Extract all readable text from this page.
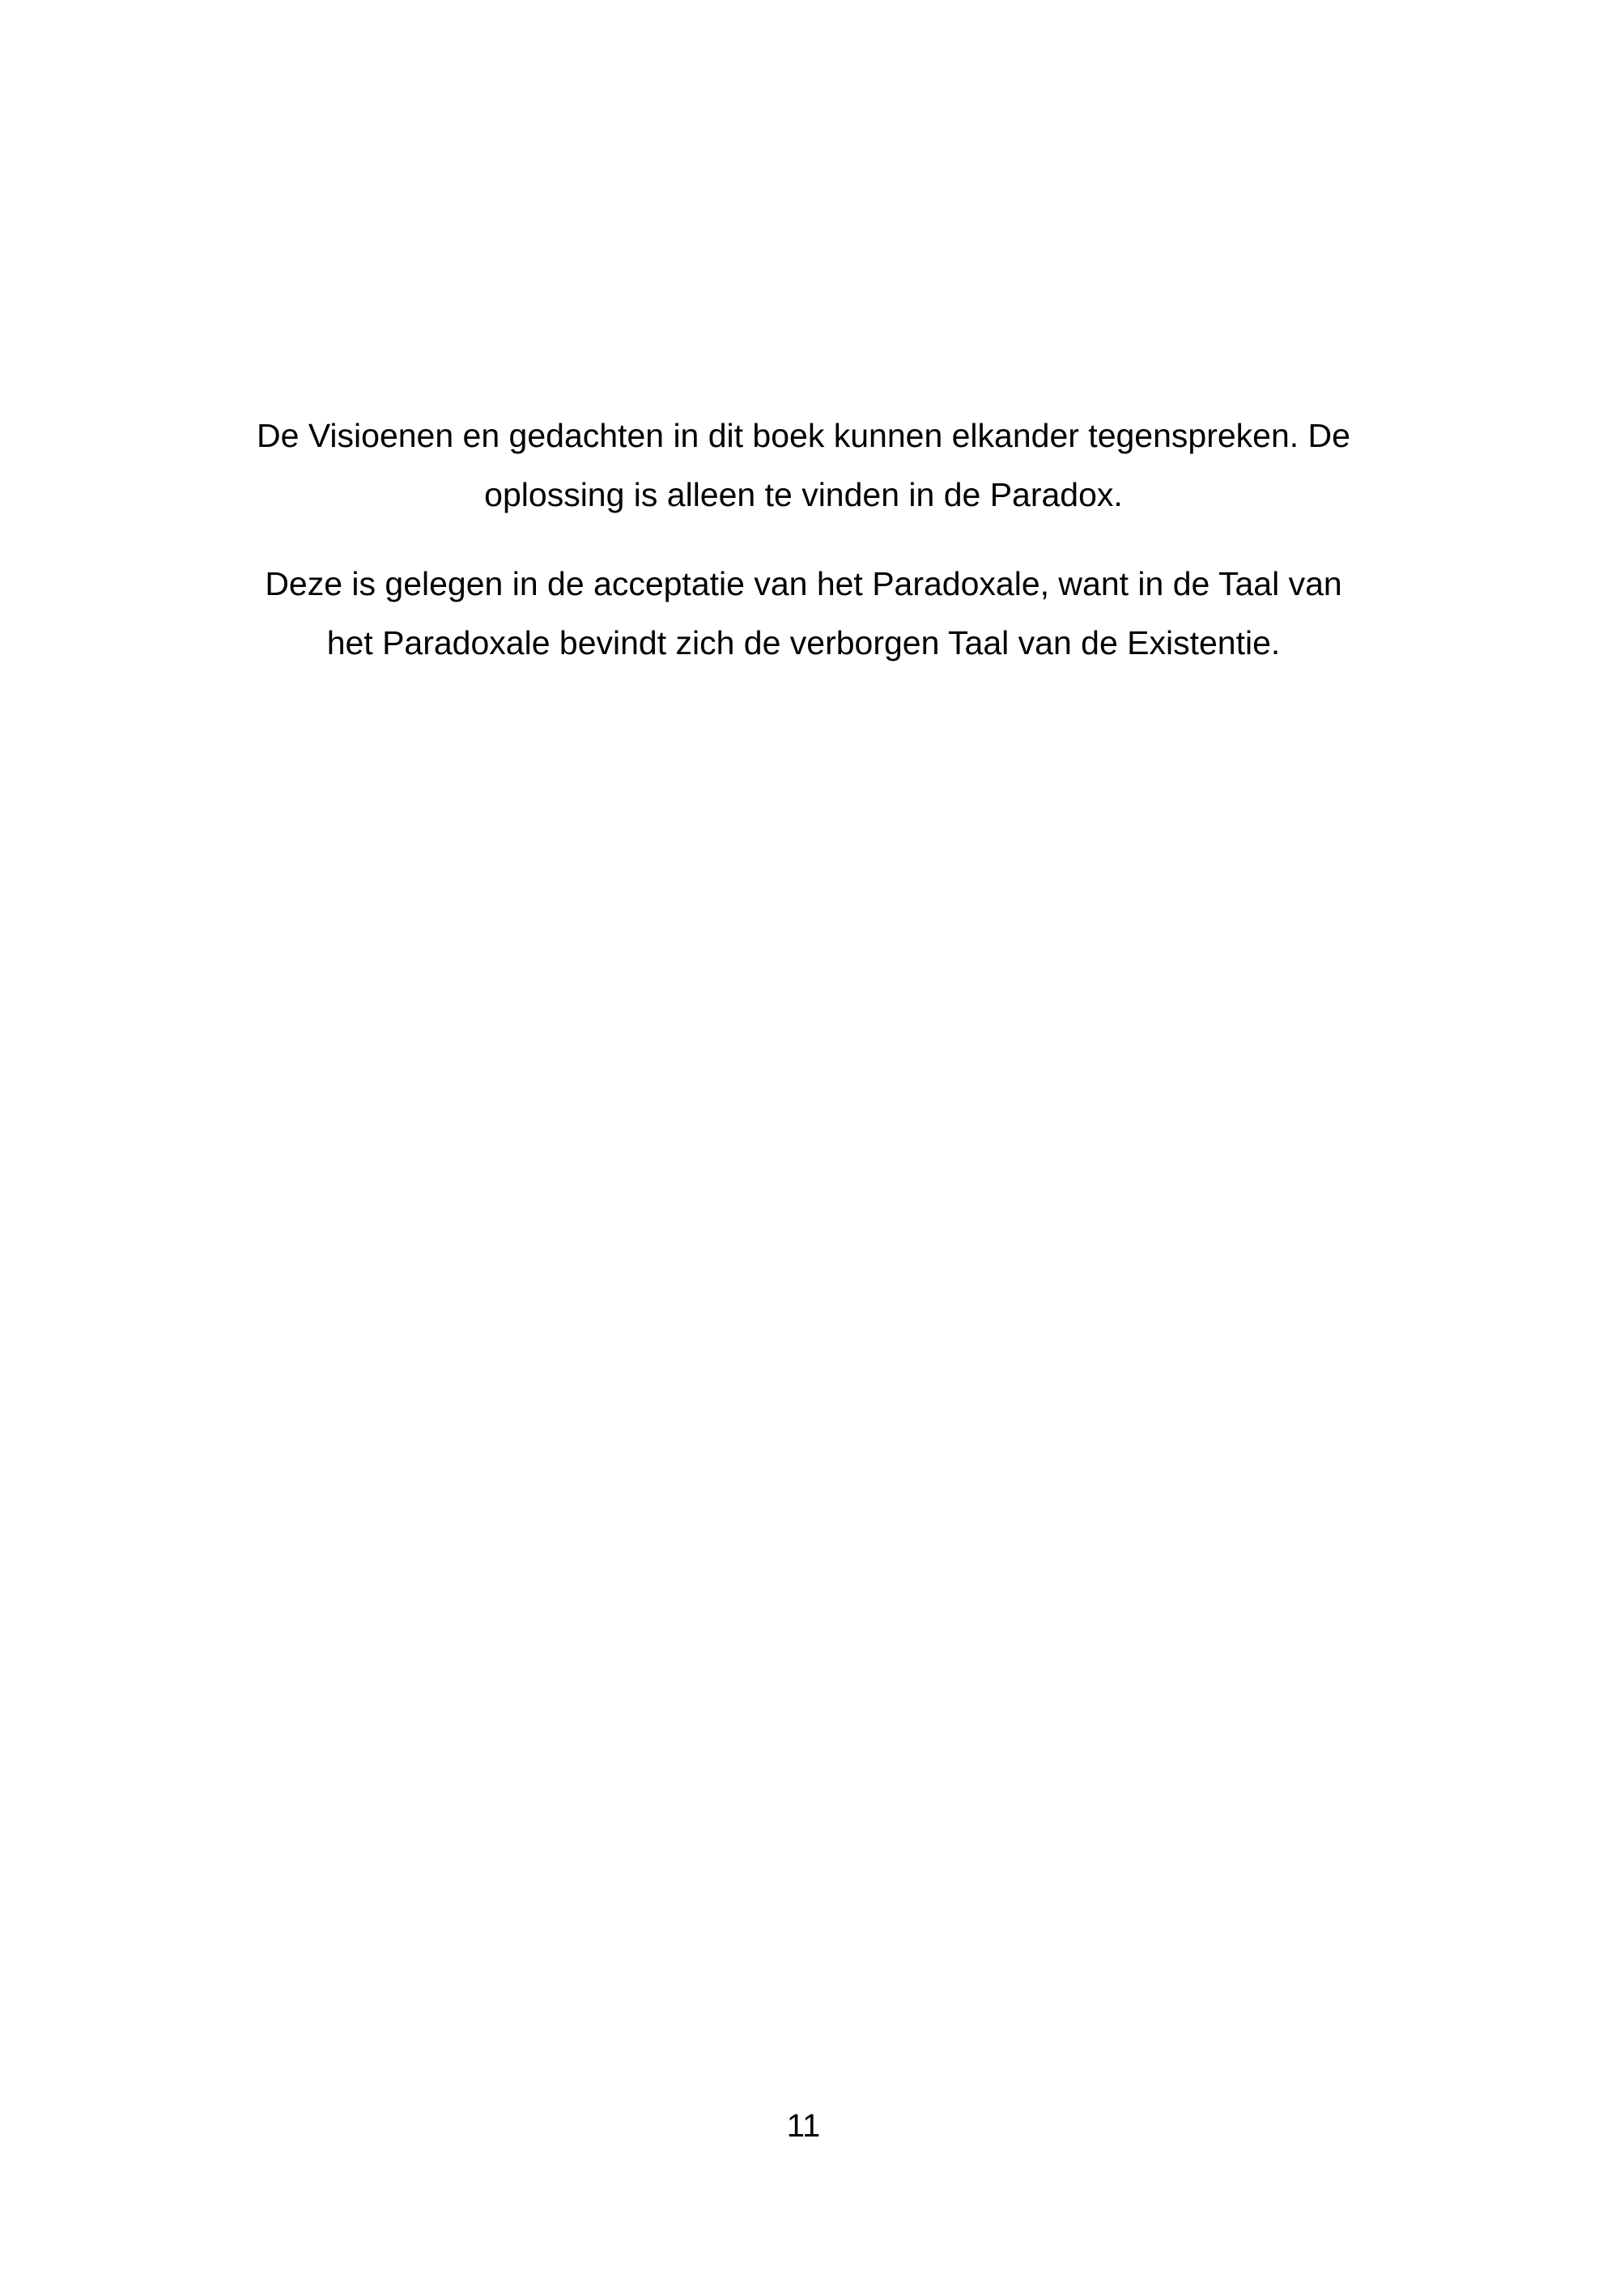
De Visioenen en gedachten in dit boek kunnen elkander tegenspreken. De oplossing is alleen te vinden in de Paradox.

Deze is gelegen in de acceptatie van het Paradoxale, want in de Taal van het Paradoxale bevindt zich de verborgen Taal van de Existentie.

11
